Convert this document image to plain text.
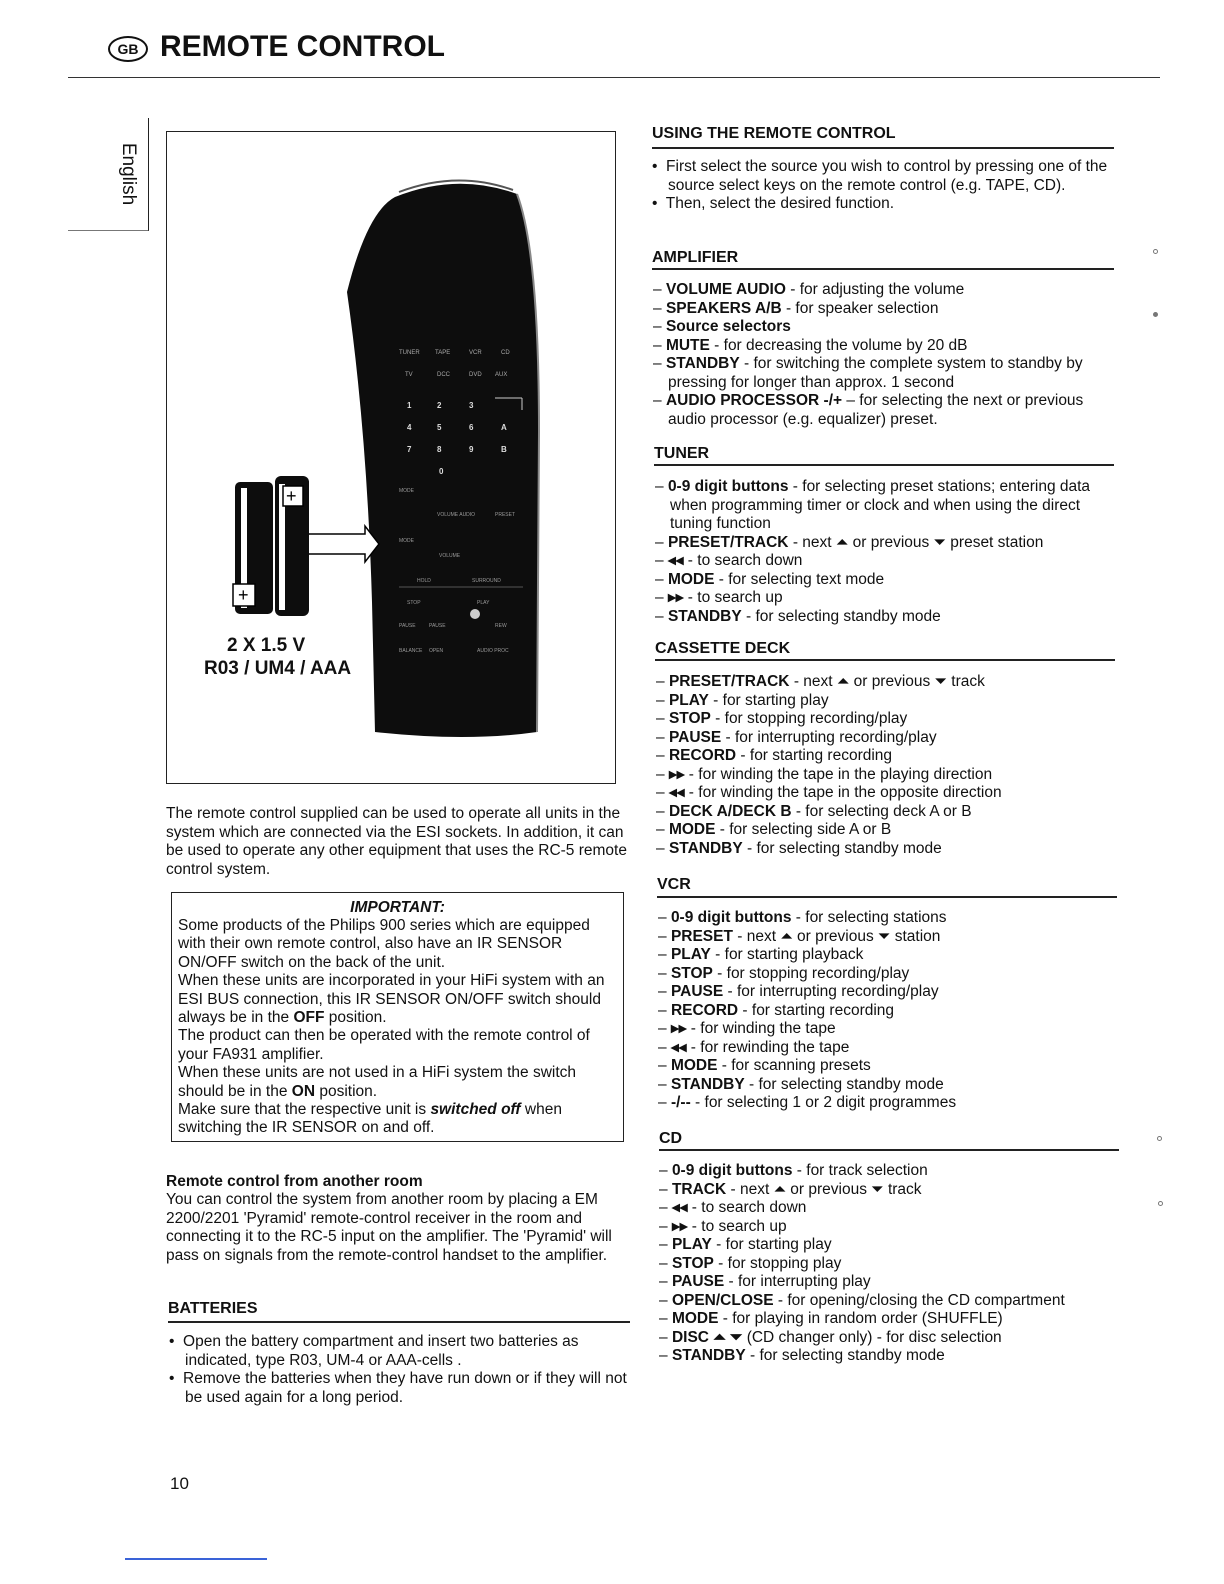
GB REMOTE CONTROL
English
TUNER	TAPE	VCR	CD
TV	DCC	DVD AUX
1	2	3
4	5	6	A
7	8	9	B
0
MODE
VOLUME AUDIO	PRESET
MODE
VOLUME
HOLD	SURROUND
STOP	PLAY
PAUSE	PAUSE	REW
BALANCE OPEN	AUDIO PROC
+
+
2 X 1.5 V
R03 / UM4 / AAA
The remote control supplied can be used to operate all units in the system which are connected via the ESI sockets. In addition, it can be used to operate any other equipment that uses the RC-5 remote control system.
IMPORTANT:
Some products of the Philips 900 series which are equipped with their own remote control, also have an IR SENSOR ON/OFF switch on the back of the unit.
When these units are incorporated in your HiFi system with an ESI BUS connection, this IR SENSOR ON/OFF switch should always be in the OFF position.
The product can then be operated with the remote control of your FA931 amplifier.
When these units are not used in a HiFi system the switch should be in the ON position.
Make sure that the respective unit is switched off when switching the IR SENSOR on and off.
Remote control from another room
You can control the system from another room by placing a EM 2200/2201 'Pyramid' remote-control receiver in the room and connecting it to the RC-5 input on the amplifier. The 'Pyramid' will pass on signals from the remote-control handset to the amplifier.
BATTERIES
•  Open the battery compartment and insert two batteries as indicated, type R03, UM-4 or AAA-cells .
•  Remove the batteries when they have run down or if they will not be used again for a long period.
USING THE REMOTE CONTROL
•  First select the source you wish to control by pressing one of the source select keys on the remote control (e.g. TAPE, CD).
•  Then, select the desired function.
AMPLIFIER
– VOLUME AUDIO - for adjusting the volume
– SPEAKERS A/B - for speaker selection
– Source selectors
– MUTE - for decreasing the volume by 20 dB
– STANDBY - for switching the complete system to standby by pressing for longer than approx. 1 second
– AUDIO PROCESSOR -/+ – for selecting the next or previous audio processor (e.g. equalizer) preset.
TUNER
– 0-9 digit buttons - for selecting preset stations; entering data when programming timer or clock and when using the direct tuning function
– PRESET/TRACK - next ⏶ or previous ⏷ preset station
– ◂◂ - to search down
– MODE - for selecting text mode
– ▸▸ - to search up
– STANDBY - for selecting standby mode
CASSETTE DECK
– PRESET/TRACK - next ⏶ or previous ⏷ track
– PLAY - for starting play
– STOP - for stopping recording/play
– PAUSE - for interrupting recording/play
– RECORD - for starting recording
– ▸▸ - for winding the tape in the playing direction
– ◂◂ - for winding the tape in the opposite direction
– DECK A/DECK B - for selecting deck A or B
– MODE - for selecting side A or B
– STANDBY - for selecting standby mode
VCR
– 0-9 digit buttons - for selecting stations
– PRESET - next ⏶ or previous ⏷ station
– PLAY - for starting playback
– STOP - for stopping recording/play
– PAUSE - for interrupting recording/play
– RECORD - for starting recording
– ▸▸ - for winding the tape
– ◂◂ - for rewinding the tape
– MODE - for scanning presets
– STANDBY - for selecting standby mode
– -/-- - for selecting 1 or 2 digit programmes
CD
– 0-9 digit buttons - for track selection
– TRACK - next ⏶ or previous ⏷ track
– ◂◂ - to search down
– ▸▸ - to search up
– PLAY - for starting play
– STOP - for stopping play
– PAUSE - for interrupting play
– OPEN/CLOSE - for opening/closing the CD compartment
– MODE - for playing in random order (SHUFFLE)
– DISC ⏶ ⏷ (CD changer only) - for disc selection
– STANDBY - for selecting standby mode
10
